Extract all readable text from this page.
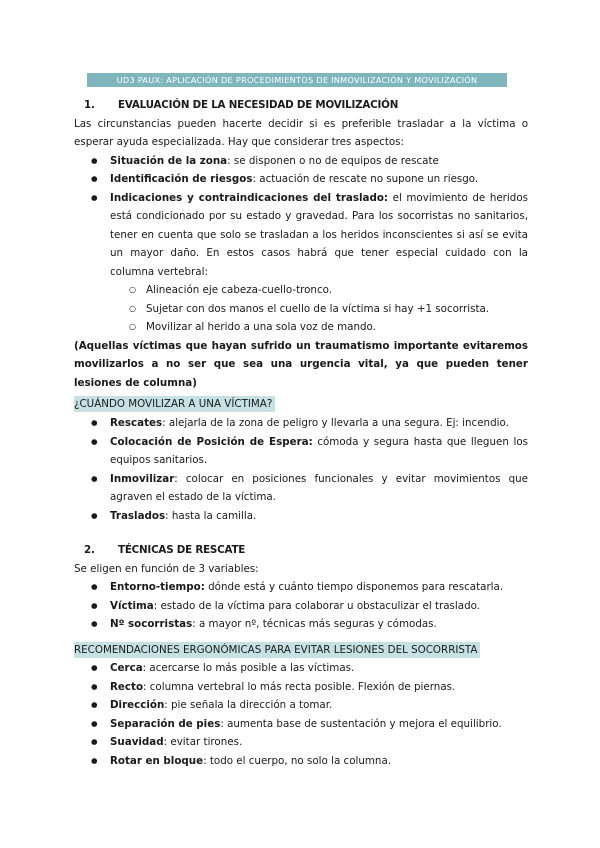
UD3 PAUX: APLICACIÓN DE PROCEDIMIENTOS DE INMOVILIZACIÓN Y MOVILIZACIÓN
1. EVALUACIÓN DE LA NECESIDAD DE MOVILIZACIÓN
Las circunstancias pueden hacerte decidir si es preferible trasladar a la víctima o esperar ayuda especializada. Hay que considerar tres aspectos:
● Situación de la zona: se disponen o no de equipos de rescate
● Identificación de riesgos: actuación de rescate no supone un riesgo.
● Indicaciones y contraindicaciones del traslado: el movimiento de heridos está condicionado por su estado y gravedad. Para los socorristas no sanitarios, tener en cuenta que solo se trasladan a los heridos inconscientes si así se evita un mayor daño. En estos casos habrá que tener especial cuidado con la columna vertebral:
○ Alineación eje cabeza-cuello-tronco.
○ Sujetar con dos manos el cuello de la víctima si hay +1 socorrista.
○ Movilizar al herido a una sola voz de mando.
(Aquellas víctimas que hayan sufrido un traumatismo importante evitaremos movilizarlos a no ser que sea una urgencia vital, ya que pueden tener lesiones de columna)
¿CUÁNDO MOVILIZAR A UNA VÍCTIMA?
● Rescates: alejarla de la zona de peligro y llevarla a una segura. Ej: incendio.
● Colocación de Posición de Espera: cómoda y segura hasta que lleguen los equipos sanitarios.
● Inmovilizar: colocar en posiciones funcionales y evitar movimientos que agraven el estado de la víctima.
● Traslados: hasta la camilla.
2. TÉCNICAS DE RESCATE
Se eligen en función de 3 variables:
● Entorno-tiempo: dónde está y cuánto tiempo disponemos para rescatarla.
● Víctima: estado de la víctima para colaborar u obstaculizar el traslado.
● Nº socorristas: a mayor nº, técnicas más seguras y cómodas.
RECOMENDACIONES ERGONÓMICAS PARA EVITAR LESIONES DEL SOCORRISTA
● Cerca: acercarse lo más posible a las víctimas.
● Recto: columna vertebral lo más recta posible. Flexión de piernas.
● Dirección: pie señala la dirección a tomar.
● Separación de pies: aumenta base de sustentación y mejora el equilibrio.
● Suavidad: evitar tirones.
● Rotar en bloque: todo el cuerpo, no solo la columna.
